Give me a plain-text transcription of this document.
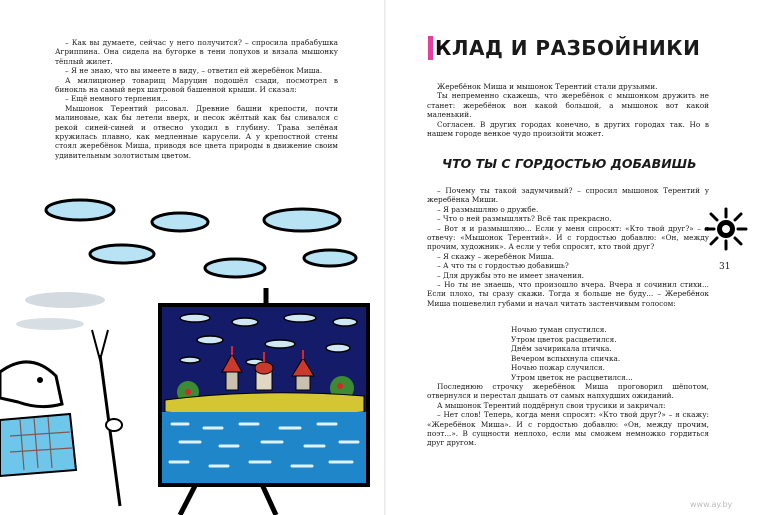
– Как вы думаете, сейчас у него получится? – спросила прабабушка Агриппина. Она сидела на бугорке в тени лопухов и вязала мышонку тёплый жилет.

– Я не знаю, что вы имеете в виду, – ответил ей жеребёнок Миша.

А милиционер товарищ Маруцин подошёл сзади, посмотрел в бинокль на самый верх шатровой башенной крыши. И сказал:

– Ещё немного терпения...

Мышонок Терентий рисовал. Древние башни крепости, почти малиновые, как бы летели вверх, и песок жёлтый как бы сливался с рекой синей-синей и отвесно уходил в глубину. Трава зелёная кружилась плавно, как медленные карусели. А у крепостной стены стоял жеребёнок Миша, приводя все цвета природы в движение своим удивительным золотистым цветом.

КЛАД И РАЗБОЙНИКИ

Жеребёнок Миша и мышонок Терентий стали друзьями.

Ты непременно скажешь, что жеребёнок с мышонком дружить не станет: жеребёнок вон какой большой, а мышонок вот какой маленький.

Согласен. В других городах конечно, в других городах так. Но в нашем городе венкое чудо произойти может.

ЧТО ТЫ С ГОРДОСТЬЮ ДОБАВИШЬ

– Почему ты такой задумчивый? – спросил мышонок Терентий у жеребёнка Миши.

– Я размышляю о дружбе.

– Что о ней размышлять? Всё так прекрасно.

– Вот я и размышляю... Если у меня спросят: «Кто твой друг?» – я отвечу: «Мышонок Терентий». И с гордостью добавлю: «Он, между прочим, художник». А если у тебя спросят, кто твой друг?

– Я скажу – жеребёнок Миша.

– А что ты с гордостью добавишь?

– Для дружбы это не имеет значения.

– Но ты не знаешь, что произошло вчера. Вчера я сочинил стихи... Если плохо, ты сразу скажи. Тогда я больше не буду... – Жеребёнок Миша пошевелил губами и начал читать застенчивым голосом:

Ночью туман спустился.
Утром цветок расцветился.
Днём зачирикала птичка.
Вечером вспыхнула спичка.
Ночью пожар случился.
Утром цветок не расцветился...

Последнюю строчку жеребёнок Миша проговорил шёпотом, отвернулся и перестал дышать от самых напхудших ожиданий.

А мышонок Терентий поддёрнул свои трусики и закричал:

– Нет слов! Теперь, когда меня спросят: «Кто твой друг?» – я скажу: «Жеребёнок Миша». И с гордостью добавлю: «Он, между прочим, поэт...». В сущности неплохо, если мы сможем немножко гордиться друг другом.

31
www.ay.by
